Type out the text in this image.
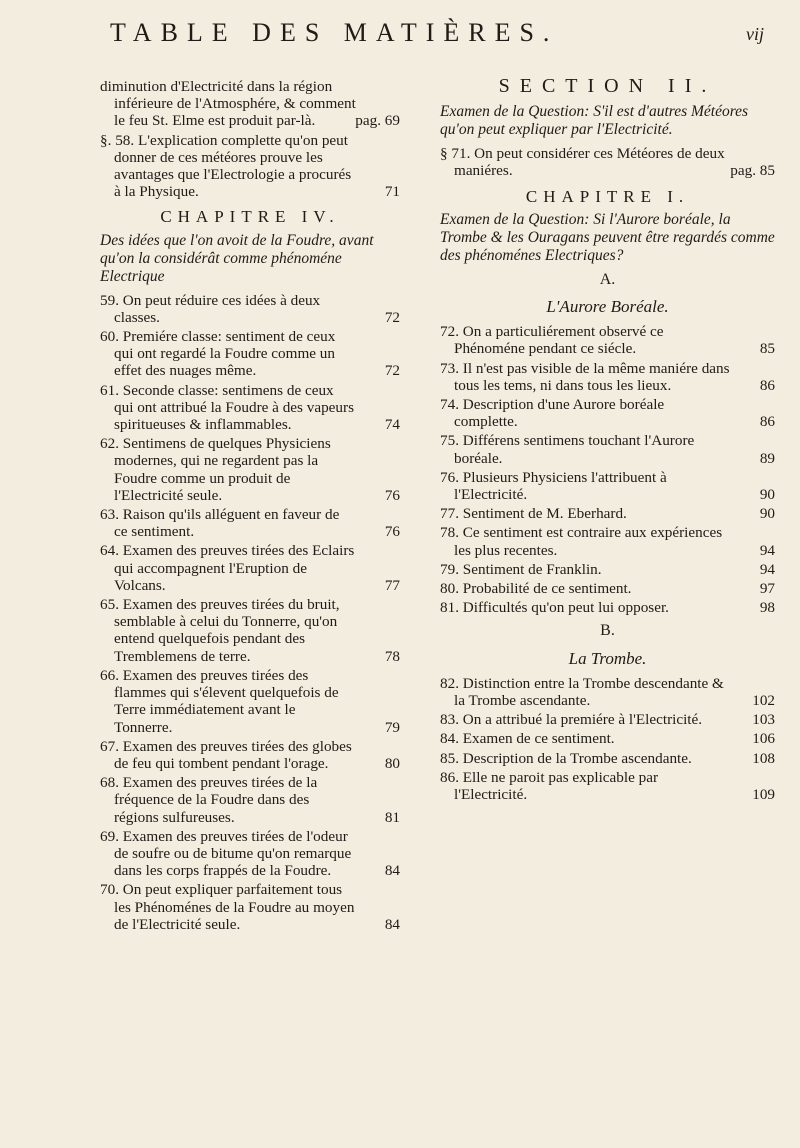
TABLE DES MATIÈRES.	vij
diminution d'Electricité dans la région inférieure de l'Atmosphére, & comment le feu St. Elme est produit par-là.	pag. 69
§. 58. L'explication complette qu'on peut donner de ces météores prouve les avantages que l'Electrologie a procurés à la Physique.	71
CHAPITRE IV.
Des idées que l'on avoit de la Foudre, avant qu'on la considérât comme phénoméne Electrique
59. On peut réduire ces idées à deux classes.	72
60. Premiére classe: sentiment de ceux qui ont regardé la Foudre comme un effet des nuages même.	72
61. Seconde classe: sentimens de ceux qui ont attribué la Foudre à des vapeurs spiritueuses & inflammables.	74
62. Sentimens de quelques Physiciens modernes, qui ne regardent pas la Foudre comme un produit de l'Electricité seule.	76
63. Raison qu'ils alléguent en faveur de ce sentiment.	76
64. Examen des preuves tirées des Eclairs qui accompagnent l'Eruption de Volcans.	77
65. Examen des preuves tirées du bruit, semblable à celui du Tonnerre, qu'on entend quelquefois pendant des Tremblemens de terre.	78
66. Examen des preuves tirées des flammes qui s'élevent quelquefois de Terre immédiatement avant le Tonnerre.	79
67. Examen des preuves tirées des globes de feu qui tombent pendant l'orage.	80
68. Examen des preuves tirées de la fréquence de la Foudre dans des régions sulfureuses.	81
69. Examen des preuves tirées de l'odeur de soufre ou de bitume qu'on remarque dans les corps frappés de la Foudre.	84
70. On peut expliquer parfaitement tous les Phénoménes de la Foudre au moyen de l'Electricité seule.	84
SECTION II.
Examen de la Question: S'il est d'autres Météores qu'on peut expliquer par l'Electricité.
§ 71. On peut considérer ces Météores de deux maniéres.	pag. 85
CHAPITRE I.
Examen de la Question: Si l'Aurore boréale, la Trombe & les Ouragans peuvent être regardés comme des phénoménes Electriques?
A.
L'Aurore Boréale.
72. On a particuliérement observé ce Phénoméne pendant ce siécle.	85
73. Il n'est pas visible de la même maniére dans tous les tems, ni dans tous les lieux.	86
74. Description d'une Aurore boréale complette.	86
75. Différens sentimens touchant l'Aurore boréale.	89
76. Plusieurs Physiciens l'attribuent à l'Electricité.	90
77. Sentiment de M. Eberhard.	90
78. Ce sentiment est contraire aux expériences les plus recentes.	94
79. Sentiment de Franklin.	94
80. Probabilité de ce sentiment.	97
81. Difficultés qu'on peut lui opposer.	98
B.
La Trombe.
82. Distinction entre la Trombe descendante & la Trombe ascendante.	102
83. On a attribué la premiére à l'Electricité.	103
84. Examen de ce sentiment.	106
85. Description de la Trombe ascendante.	108
86. Elle ne paroit pas explicable par l'Electricité.	109
